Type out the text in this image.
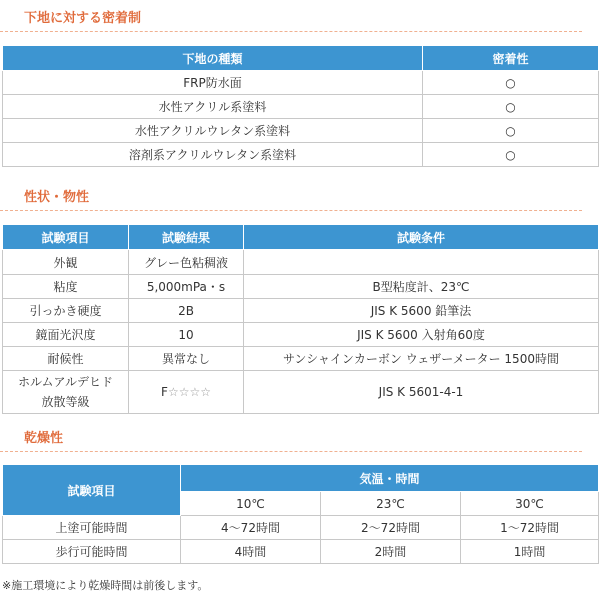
下地に対する密着制
下地の種類	密着性
FRP防水面	○
水性アクリル系塗料	○
水性アクリルウレタン系塗料	○
溶剤系アクリルウレタン系塗料	○
性状・物性
試験項目	試験結果	試験条件
外観	グレー色粘稠液	
粘度	5,000mPa・s	B型粘度計、23℃
引っかき硬度	2B	JIS K 5600 鉛筆法
鏡面光沢度	10	JIS K 5600 入射角60度
耐候性	異常なし	サンシャインカーボン ウェザーメーター 1500時間
ホルムアルデヒド
放散等級	F☆☆☆☆	JIS K 5601-4-1
乾燥性
試験項目	気温・時間		
	10℃	23℃	30℃
上塗可能時間	4〜72時間	2〜72時間	1〜72時間
歩行可能時間	4時間	2時間	1時間
※施工環境により乾燥時間は前後します。
